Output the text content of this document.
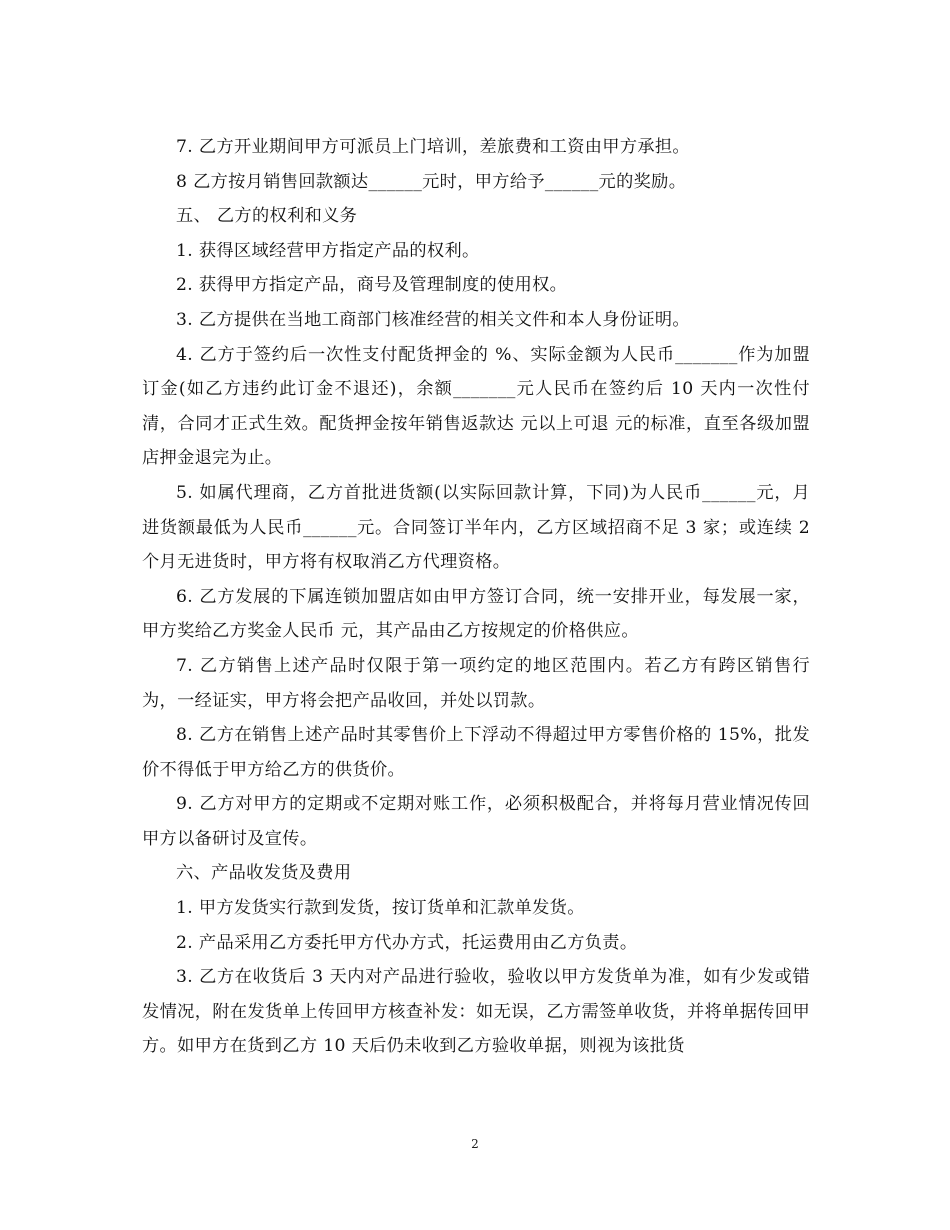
7. 乙方开业期间甲方可派员上门培训，差旅费和工资由甲方承担。

8 乙方按月销售回款额达______元时，甲方给予______元的奖励。

五、 乙方的权利和义务

1. 获得区域经营甲方指定产品的权利。

2. 获得甲方指定产品，商号及管理制度的使用权。

3. 乙方提供在当地工商部门核准经营的相关文件和本人身份证明。

4. 乙方于签约后一次性支付配货押金的 %、实际金额为人民币_______作为加盟订金(如乙方违约此订金不退还)，余额_______元人民币在签约后 10 天内一次性付清，合同才正式生效。配货押金按年销售返款达 元以上可退 元的标准，直至各级加盟店押金退完为止。

5. 如属代理商，乙方首批进货额(以实际回款计算，下同)为人民币______元，月进货额最低为人民币______元。合同签订半年内，乙方区域招商不足 3 家；或连续 2 个月无进货时，甲方将有权取消乙方代理资格。

6. 乙方发展的下属连锁加盟店如由甲方签订合同，统一安排开业，每发展一家，甲方奖给乙方奖金人民币 元，其产品由乙方按规定的价格供应。

7. 乙方销售上述产品时仅限于第一项约定的地区范围内。若乙方有跨区销售行为，一经证实，甲方将会把产品收回，并处以罚款。

8. 乙方在销售上述产品时其零售价上下浮动不得超过甲方零售价格的 15%，批发价不得低于甲方给乙方的供货价。

9. 乙方对甲方的定期或不定期对账工作，必须积极配合，并将每月营业情况传回甲方以备研讨及宣传。

六、产品收发货及费用

1. 甲方发货实行款到发货，按订货单和汇款单发货。

2. 产品采用乙方委托甲方代办方式，托运费用由乙方负责。

3. 乙方在收货后 3 天内对产品进行验收，验收以甲方发货单为准，如有少发或错发情况，附在发货单上传回甲方核查补发：如无误，乙方需签单收货，并将单据传回甲方。如甲方在货到乙方 10 天后仍未收到乙方验收单据，则视为该批货

2
